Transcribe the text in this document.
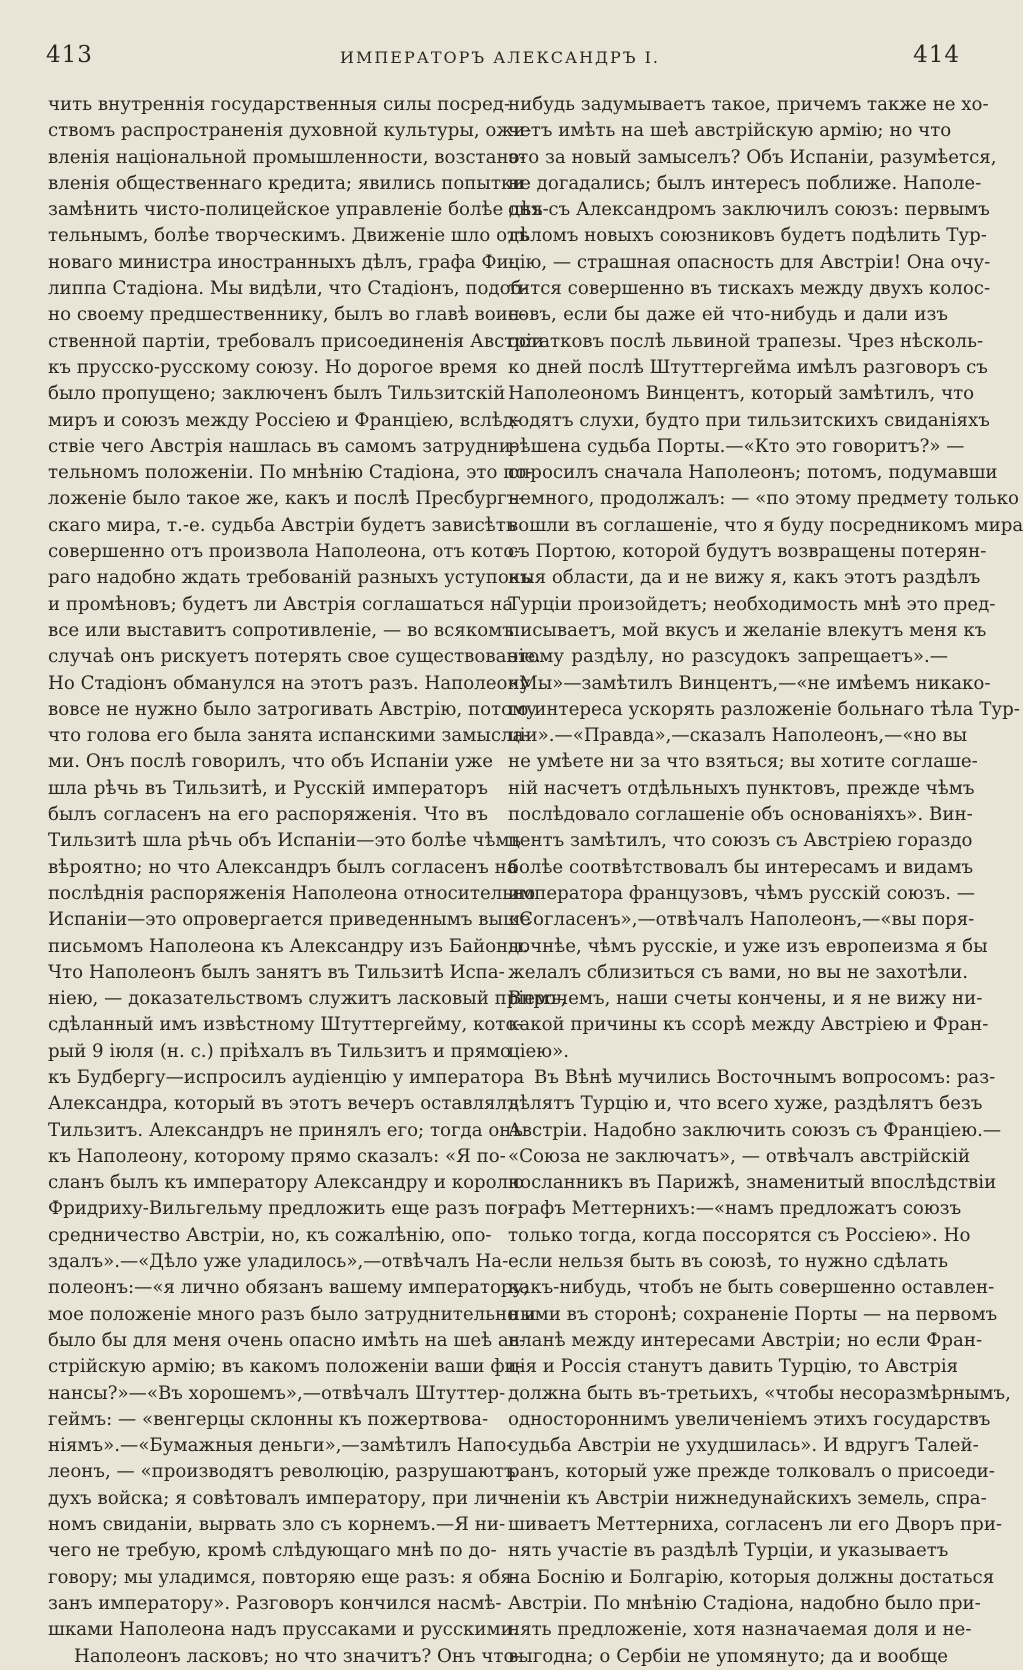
413	ИМПЕРАТОРЪ АЛЕКСАНДРЪ I.	414
чить внутреннія государственныя силы посред-
ствомъ распространенія духовной культуры, ожи-
вленія національной промышленности, возстано-
вленія общественнаго кредита; явились попытки
замѣнить чисто-полицейское управленіе болѣе дѣя-
тельнымъ, болѣе творческимъ. Движеніе шло отъ
новаго министра иностранныхъ дѣлъ, графа Фи-
липпа Стадіона. Мы видѣли, что Стадіонъ, подоб-
но своему предшественнику, былъ во главѣ воин-
ственной партіи, требовалъ присоединенія Австріи
къ прусско-русскому союзу. Но дорогое время
было пропущено; заключенъ былъ Тильзитскій
миръ и союзъ между Россіею и Франціею, вслѣд-
ствіе чего Австрія нашлась въ самомъ затрудни-
тельномъ положеніи. По мнѣнію Стадіона, это по-
ложеніе было такое же, какъ и послѣ Пресбургъ-
скаго мира, т.-е. судьба Австріи будетъ зависѣть
совершенно отъ произвола Наполеона, отъ кото-
раго надобно ждать требованій разныхъ уступокъ
и промѣновъ; будетъ ли Австрія соглашаться на
все или выставитъ сопротивленіе, — во всякомъ
случаѣ онъ рискуетъ потерять свое существованіе.
Но Стадіонъ обманулся на этотъ разъ. Наполеону
вовсе не нужно было затрогивать Австрію, потому
что голова его была занята испанскими замысла-
ми. Онъ послѣ говорилъ, что объ Испаніи уже
шла рѣчь въ Тильзитѣ, и Русскій императоръ
былъ согласенъ на его распоряженія. Что въ
Тильзитѣ шла рѣчь объ Испаніи—это болѣе чѣмъ
вѣроятно; но что Александръ былъ согласенъ на
послѣднія распоряженія Наполеона относительно
Испаніи—это опровергается приведеннымъ выше
письмомъ Наполеона къ Александру изъ Байоны.
Что Наполеонъ былъ занятъ въ Тильзитѣ Испа-
ніею, — доказательствомъ служитъ ласковый пріемъ,
сдѣланный имъ извѣстному Штуттергейму, кото-
рый 9 іюля (н. с.) пріѣхалъ въ Тильзитъ и прямо
къ Будбергу—испросилъ аудіенцію у императора
Александра, который въ этотъ вечеръ оставлялъ
Тильзитъ. Александръ не принялъ его; тогда онъ
къ Наполеону, которому прямо сказалъ: «Я по-
сланъ былъ къ императору Александру и королю
Фридриху-Вильгельму предложить еще разъ по-
средничество Австріи, но, къ сожалѣнію, опо-
здалъ».—«Дѣло уже уладилось»,—отвѣчалъ На-
полеонъ:—«я лично обязанъ вашему императору;
мое положеніе много разъ было затруднительно и
было бы для меня очень опасно имѣть на шеѣ ав-
стрійскую армію; въ какомъ положеніи ваши фи-
нансы?»—«Въ хорошемъ»,—отвѣчалъ Штуттер-
геймъ: — «венгерцы склонны къ пожертвова-
ніямъ».—«Бумажныя деньги»,—замѣтилъ Напо-
леонъ, — «производятъ революцію, разрушаютъ
духъ войска; я совѣтовалъ императору, при лич-
номъ свиданіи, вырвать зло съ корнемъ.—Я ни-
чего не требую, кромѣ слѣдующаго мнѣ по до-
говору; мы уладимся, повторяю еще разъ: я обя-
занъ императору». Разговоръ кончился насмѣ-
шками Наполеона надъ пруссаками и русскими.
Наполеонъ ласковъ; но что значитъ? Онъ что-
нибудь задумываетъ такое, причемъ также не хо-
четъ имѣть на шеѣ австрійскую армію; но что
это за новый замыселъ? Объ Испаніи, разумѣется,
не догадались; былъ интересъ поближе. Наполе-
онъ съ Александромъ заключилъ союзъ: первымъ
дѣломъ новыхъ союзниковъ будетъ подѣлить Тур-
цію, — страшная опасность для Австріи! Она очу-
тится совершенно въ тискахъ между двухъ колос-
совъ, если бы даже ей что-нибудь и дали изъ
остатковъ послѣ львиной трапезы. Чрез нѣсколь-
ко дней послѣ Штуттергейма имѣлъ разговоръ съ
Наполеономъ Винцентъ, который замѣтилъ, что
ходятъ слухи, будто при тильзитскихъ свиданіяхъ
рѣшена судьба Порты.—«Кто это говоритъ?» —
спросилъ сначала Наполеонъ; потомъ, подумавши
немного, продолжалъ: — «по этому предмету только
вошли въ соглашеніе, что я буду посредникомъ мира
съ Портою, которой будутъ возвращены потерян-
ныя области, да и не вижу я, какъ этотъ раздѣлъ
Турціи произойдетъ; необходимость мнѣ это пред-
писываетъ, мой вкусъ и желаніе влекутъ меня къ
этому раздѣлу, но разсудокъ запрещаетъ».—
«Мы»—замѣтилъ Винцентъ,—«не имѣемъ никако-
го интереса ускорять разложеніе больнаго тѣла Тур-
ціи».—«Правда»,—сказалъ Наполеонъ,—«но вы
не умѣете ни за что взяться; вы хотите соглаше-
ній насчетъ отдѣльныхъ пунктовъ, прежде чѣмъ
послѣдовало соглашеніе объ основаніяхъ». Вин-
центъ замѣтилъ, что союзъ съ Австріею гораздо
болѣе соотвѣтствовалъ бы интересамъ и видамъ
императора французовъ, чѣмъ русскій союзъ. —
«Согласенъ»,—отвѣчалъ Наполеонъ,—«вы поря-
дочнѣе, чѣмъ русскіе, и уже изъ европеизма я бы
желалъ сблизиться съ вами, но вы не захотѣли.
Впрочемъ, наши счеты кончены, и я не вижу ни-
какой причины къ ссорѣ между Австріею и Фран-
ціею».
Въ Вѣнѣ мучились Восточнымъ вопросомъ: раз-
дѣлятъ Турцію и, что всего хуже, раздѣлятъ безъ
Австріи. Надобно заключить союзъ съ Франціею.—
«Союза не заключатъ», — отвѣчалъ австрійскій
посланникъ въ Парижѣ, знаменитый впослѣдствіи
графъ Меттернихъ:—«намъ предложатъ союзъ
только тогда, когда поссорятся съ Россіею». Но
если нельзя быть въ союзѣ, то нужно сдѣлать
какъ-нибудь, чтобъ не быть совершенно оставлен-
ными въ сторонѣ; сохраненіе Порты — на первомъ
планѣ между интересами Австріи; но если Фран-
ція и Россія станутъ давить Турцію, то Австрія
должна быть въ-третьихъ, «чтобы несоразмѣрнымъ,
одностороннимъ увеличеніемъ этихъ государствъ
судьба Австріи не ухудшилась». И вдругъ Талей-
ранъ, который уже прежде толковалъ о присоеди-
неніи къ Австріи нижнедунайскихъ земель, спра-
шиваетъ Меттерниха, согласенъ ли его Дворъ при-
нять участіе въ раздѣлѣ Турціи, и указываетъ
на Боснію и Болгарію, которыя должны достаться
Австріи. По мнѣнію Стадіона, надобно было при-
нять предложеніе, хотя назначаемая доля и не-
выгодна; о Сербіи не упомянуто; да и вообще
